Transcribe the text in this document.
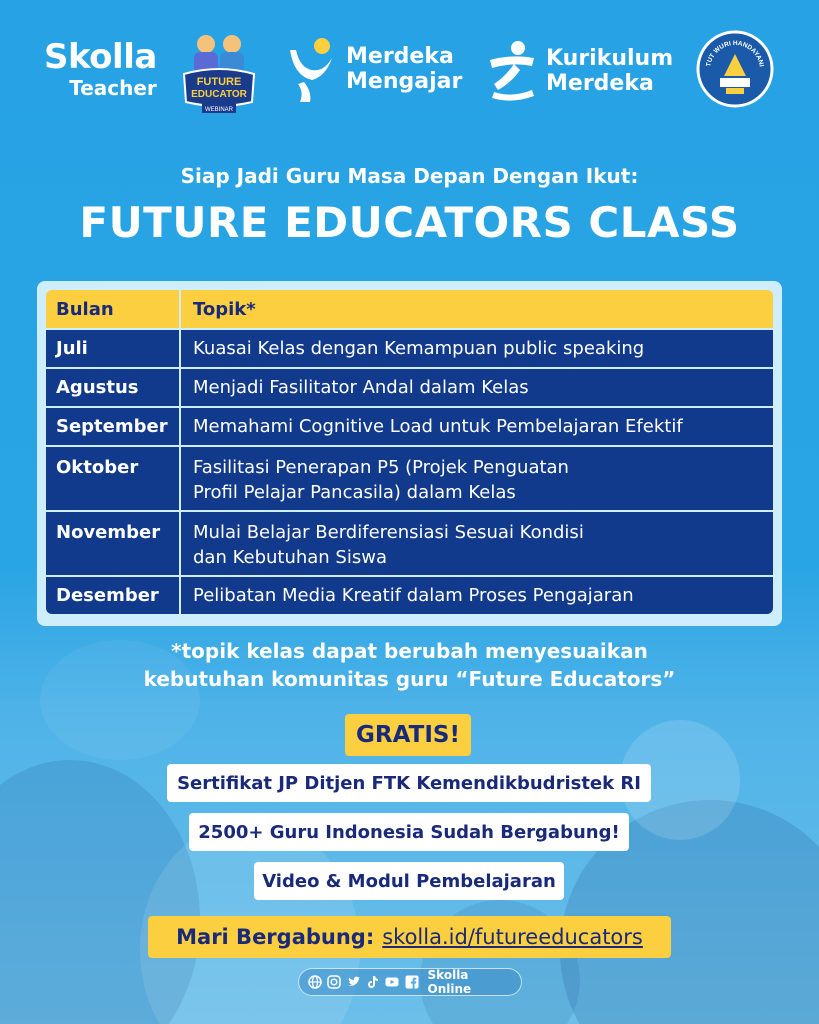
Skolla
Teacher	FUTURE
EDUCATOR
WEBINAR
Merdeka
Mengajar
Kurikulum
Merdeka
TUT WURI HANDAYANI
Siap Jadi Guru Masa Depan Dengan Ikut:
FUTURE EDUCATORS CLASS
Bulan	Topik*
Juli	Kuasai Kelas dengan Kemampuan public speaking
Agustus	Menjadi Fasilitator Andal dalam Kelas
September	Memahami Cognitive Load untuk Pembelajaran Efektif
Oktober	Fasilitasi Penerapan P5 (Projek Penguatan
Profil Pelajar Pancasila) dalam Kelas
November	Mulai Belajar Berdiferensiasi Sesuai Kondisi
dan Kebutuhan Siswa
Desember	Pelibatan Media Kreatif dalam Proses Pengajaran
*topik kelas dapat berubah menyesuaikan
kebutuhan komunitas guru “Future Educators”
GRATIS!
Sertifikat JP Ditjen FTK Kemendikbudristek RI
2500+ Guru Indonesia Sudah Bergabung!
Video & Modul Pembelajaran
Mari Bergabung: skolla.id/futureeducators
Skolla Online
